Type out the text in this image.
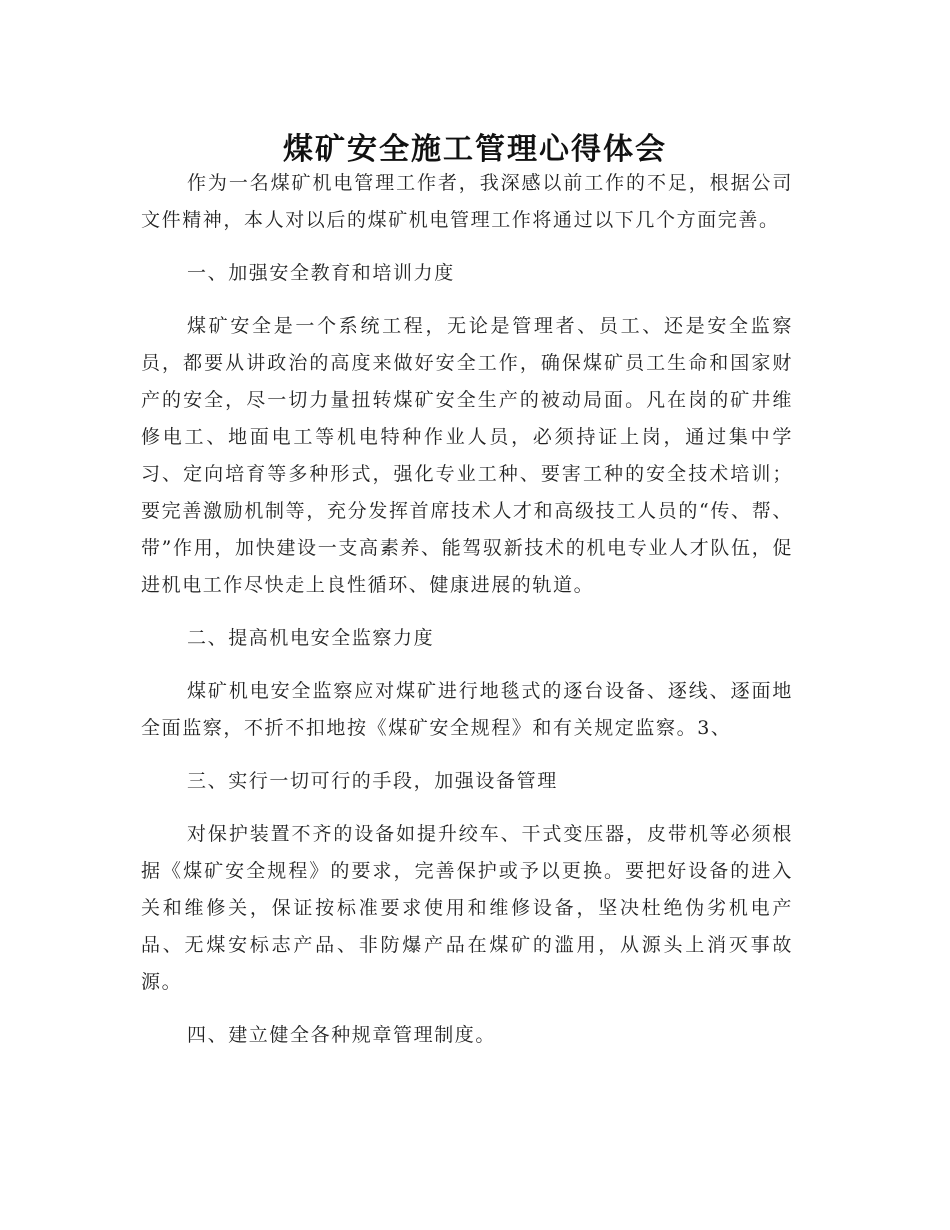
煤矿安全施工管理心得体会

作为一名煤矿机电管理工作者，我深感以前工作的不足，根据公司文件精神，本人对以后的煤矿机电管理工作将通过以下几个方面完善。

一、加强安全教育和培训力度

煤矿安全是一个系统工程，无论是管理者、员工、还是安全监察员，都要从讲政治的高度来做好安全工作，确保煤矿员工生命和国家财产的安全，尽一切力量扭转煤矿安全生产的被动局面。凡在岗的矿井维修电工、地面电工等机电特种作业人员，必须持证上岗，通过集中学习、定向培育等多种形式，强化专业工种、要害工种的安全技术培训；要完善激励机制等，充分发挥首席技术人才和高级技工人员的“传、帮、带”作用，加快建设一支高素养、能驾驭新技术的机电专业人才队伍，促进机电工作尽快走上良性循环、健康进展的轨道。

二、提高机电安全监察力度

煤矿机电安全监察应对煤矿进行地毯式的逐台设备、逐线、逐面地全面监察，不折不扣地按《煤矿安全规程》和有关规定监察。3、

三、实行一切可行的手段，加强设备管理

对保护装置不齐的设备如提升绞车、干式变压器，皮带机等必须根据《煤矿安全规程》的要求，完善保护或予以更换。要把好设备的进入关和维修关，保证按标准要求使用和维修设备，坚决杜绝伪劣机电产品、无煤安标志产品、非防爆产品在煤矿的滥用，从源头上消灭事故源。

四、建立健全各种规章管理制度。
